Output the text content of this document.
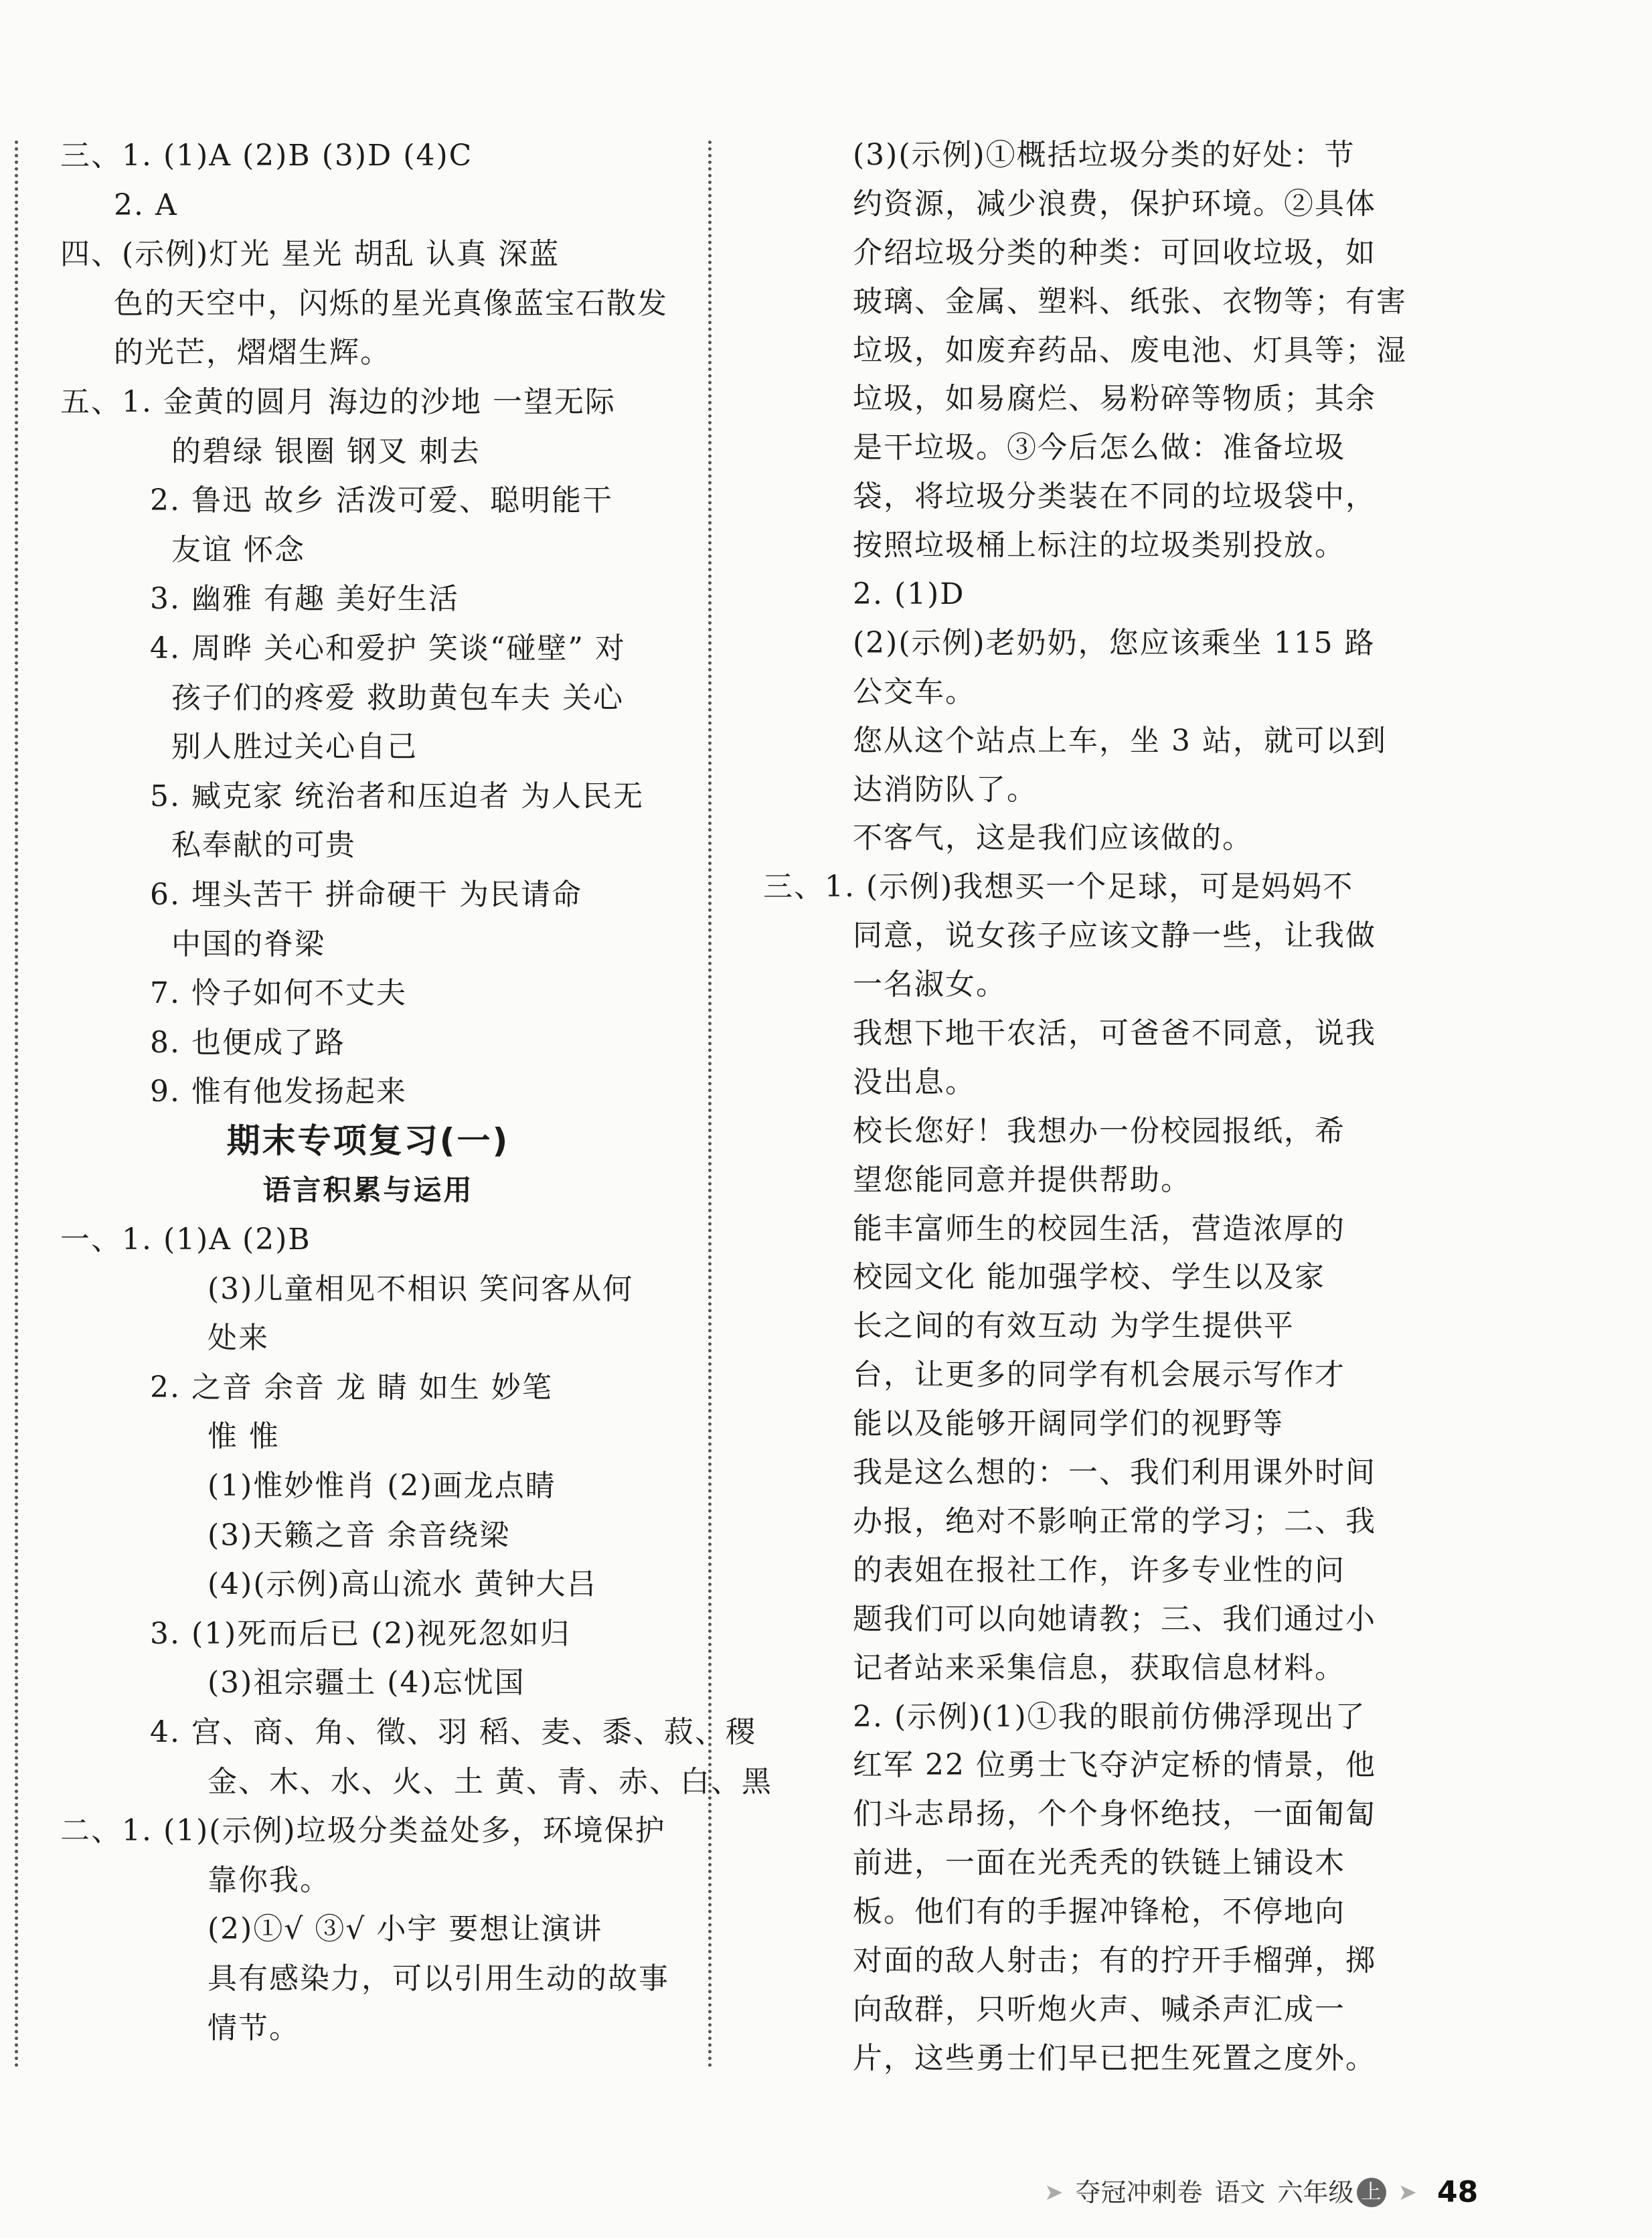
三、1. (1)A (2)B (3)D (4)C
2. A
四、(示例)灯光 星光 胡乱 认真 深蓝
色的天空中，闪烁的星光真像蓝宝石散发
的光芒，熠熠生辉。
五、1. 金黄的圆月 海边的沙地 一望无际
的碧绿 银圈 钢叉 刺去
2. 鲁迅 故乡 活泼可爱、聪明能干
友谊 怀念
3. 幽雅 有趣 美好生活
4. 周晔 关心和爱护 笑谈“碰壁” 对
孩子们的疼爱 救助黄包车夫 关心
别人胜过关心自己
5. 臧克家 统治者和压迫者 为人民无
私奉献的可贵
6. 埋头苦干 拼命硬干 为民请命
中国的脊梁
7. 怜子如何不丈夫
8. 也便成了路
9. 惟有他发扬起来
期末专项复习(一)
语言积累与运用
一、1. (1)A (2)B
(3)儿童相见不相识 笑问客从何
处来
2. 之音 余音 龙 睛 如生 妙笔
惟 惟
(1)惟妙惟肖 (2)画龙点睛
(3)天籁之音 余音绕梁
(4)(示例)高山流水 黄钟大吕
3. (1)死而后已 (2)视死忽如归
(3)祖宗疆土 (4)忘忧国
4. 宫、商、角、徵、羽 稻、麦、黍、菽、稷
金、木、水、火、土 黄、青、赤、白、黑
二、1. (1)(示例)垃圾分类益处多，环境保护
靠你我。
(2)①√ ③√ 小宇 要想让演讲
具有感染力，可以引用生动的故事
情节。
(3)(示例)①概括垃圾分类的好处：节
约资源，减少浪费，保护环境。②具体
介绍垃圾分类的种类：可回收垃圾，如
玻璃、金属、塑料、纸张、衣物等；有害
垃圾，如废弃药品、废电池、灯具等；湿
垃圾，如易腐烂、易粉碎等物质；其余
是干垃圾。③今后怎么做：准备垃圾
袋，将垃圾分类装在不同的垃圾袋中，
按照垃圾桶上标注的垃圾类别投放。
2. (1)D
(2)(示例)老奶奶，您应该乘坐 115 路
公交车。
您从这个站点上车，坐 3 站，就可以到
达消防队了。
不客气，这是我们应该做的。
三、1. (示例)我想买一个足球，可是妈妈不
同意，说女孩子应该文静一些，让我做
一名淑女。
我想下地干农活，可爸爸不同意，说我
没出息。
校长您好！我想办一份校园报纸，希
望您能同意并提供帮助。
能丰富师生的校园生活，营造浓厚的
校园文化 能加强学校、学生以及家
长之间的有效互动 为学生提供平
台，让更多的同学有机会展示写作才
能以及能够开阔同学们的视野等
我是这么想的：一、我们利用课外时间
办报，绝对不影响正常的学习；二、我
的表姐在报社工作，许多专业性的问
题我们可以向她请教；三、我们通过小
记者站来采集信息，获取信息材料。
2. (示例)(1)①我的眼前仿佛浮现出了
红军 22 位勇士飞夺泸定桥的情景，他
们斗志昂扬，个个身怀绝技，一面匍匐
前进，一面在光秃秃的铁链上铺设木
板。他们有的手握冲锋枪，不停地向
对面的敌人射击；有的拧开手榴弹，掷
向敌群，只听炮火声、喊杀声汇成一
片，这些勇士们早已把生死置之度外。
➤ 夺冠冲刺卷 语文 六年级 上 ➤ 48
